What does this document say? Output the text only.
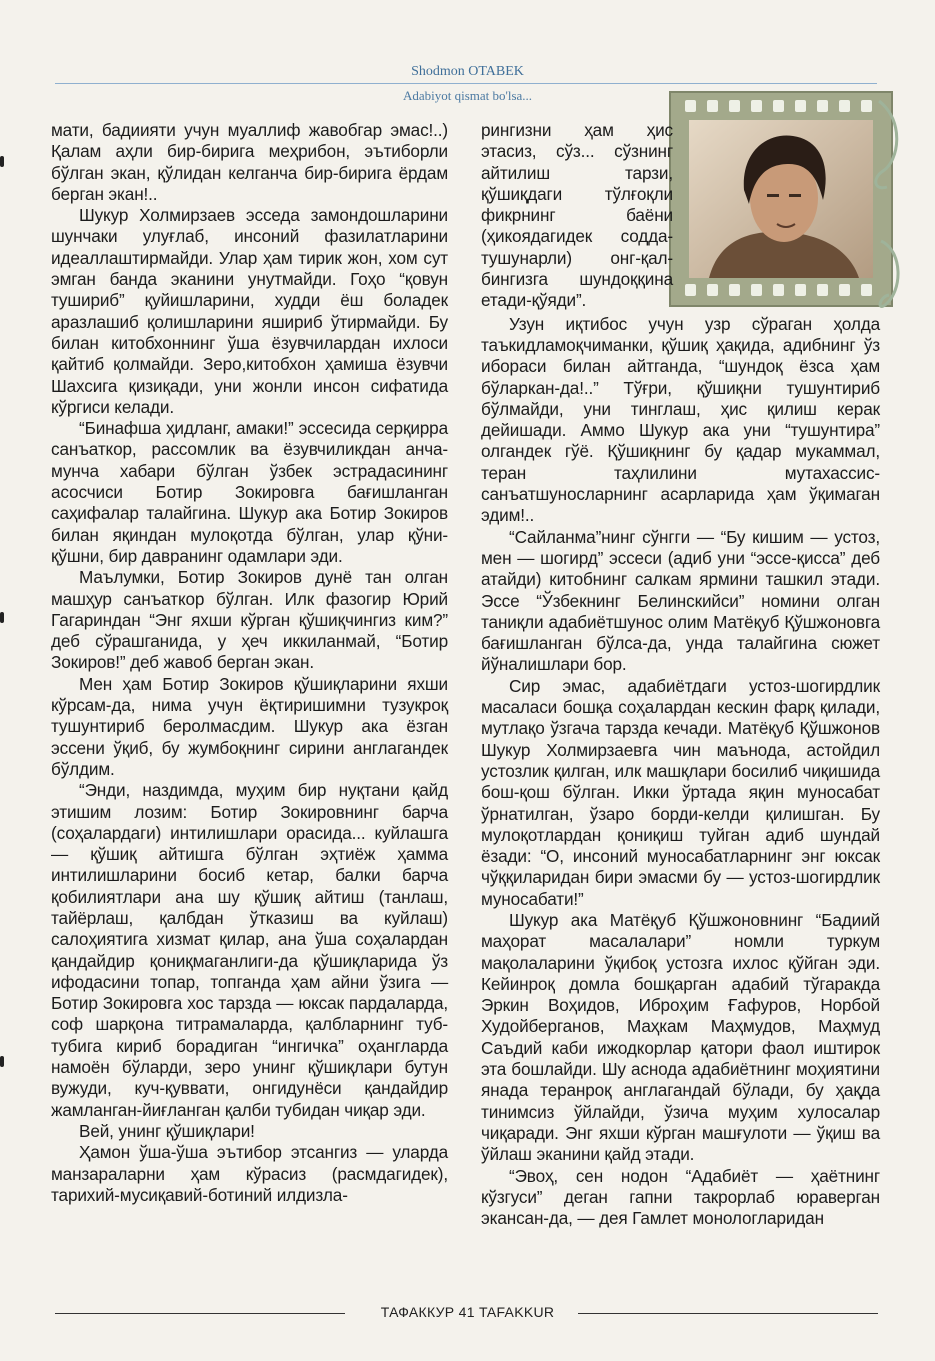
Shodmon OTABEK
Adabiyot qismat bo'lsa...

мати, бадиияти учун муаллиф жавобгар эмас!..) Қалам аҳли бир-бирига меҳрибон, эътиборли бўлган экан, қўлидан келганча бир-бирига ёрдам берган экан!..

Шукур Холмирзаев эсседа замондошларини шунчаки улуғлаб, инсоний фазилатларини идеаллаштирмайди. Улар ҳам тирик жон, хом сут эмган банда эканини унутмайди. Гоҳо “қовун тушириб” қуйишларини, худди ёш боладек аразлашиб қолишларини яшириб ўтирмайди. Бу билан китобхоннинг ўша ёзувчилардан ихлоси қайтиб қолмайди. Зеро,китобхон ҳамиша ёзувчи Шахсига қизиқади, уни жонли инсон сифатида кўргиси келади.

“Бинафша ҳидланг, амаки!” эссесида серқирра санъаткор, рассомлик ва ёзувчиликдан анча-мунча хабари бўлган ўзбек эстрадасининг асосчиси Ботир Зокировга бағишланган саҳифалар талайгина. Шукур ака Ботир Зокиров билан яқиндан мулоқотда бўлган, улар қўни-қўшни, бир давранинг одамлари эди.

Маълумки, Ботир Зокиров дунё тан олган машҳур санъаткор бўлган. Илк фазогир Юрий Гагариндан “Энг яхши кўрган қўшиқчингиз ким?” деб сўрашганида, у ҳеч иккиланмай, “Ботир Зокиров!” деб жавоб берган экан.

Мен ҳам Ботир Зокиров қўшиқларини яхши кўрсам-да, нима учун ёқтиришимни тузукроқ тушунтириб беролмасдим. Шукур ака ёзган эссени ўқиб, бу жумбоқнинг сирини англагандек бўлдим.

“Энди, наздимда, муҳим бир нуқтани қайд этишим лозим: Ботир Зокировнинг барча (соҳалардаги) интилишлари орасида... куйлашга — қўшиқ айтишга бўлган эҳтиёж ҳамма интилишларини босиб кетар, балки барча қобилиятлари ана шу қўшиқ айтиш (танлаш, тайёрлаш, қалбдан ўтказиш ва куйлаш) салоҳиятига хизмат қилар, ана ўша соҳалардан қандайдир қониқмаганлиги-да қўшиқларида ўз ифодасини топар, топганда ҳам айни ўзига — Ботир Зокировга хос тарзда — юксак пардаларда, соф шарқона титрамаларда, қалбларнинг туб-тубига кириб борадиган “ингичка” оҳангларда намоён бўларди, зеро унинг қўшиқлари бутун вужуди, куч-қуввати, онгидунёси қандайдир жамланган-йиғланган қалби тубидан чиқар эди.

Вей, унинг қўшиқлари!

Ҳамон ўша-ўша эътибор этсангиз — уларда манзараларни ҳам кўрасиз (расмдагидек), тарихий-мусиқавий-ботиний илдизла-

рингизни ҳам ҳис
этасиз, сўз... сўзнинг
айтилиш тарзи,
қўшиқдаги тўлғоқли
фикрнинг баёни
(ҳикоядагидек содда-
тушунарли) онг-қал-
бингизга шундоққина
етади-қўяди”.

Узун иқтибос учун узр сўраган ҳолда таъкидламоқчиманки, қўшиқ ҳақида, адибнинг ўз ибораси билан айтганда, “шундоқ ёзса ҳам бўларкан-да!..” Тўғри, қўшиқни тушунтириб бўлмайди, уни тинглаш, ҳис қилиш керак дейишади. Аммо Шукур ака уни “тушунтира” олгандек гўё. Қўшиқнинг бу қадар мукаммал, теран таҳлилини мутахассис-санъатшуносларнинг асарларида ҳам ўқимаган эдим!..

“Сайланма”нинг сўнгги — “Бу кишим — устоз, мен — шогирд” эссеси (адиб уни “эссе-қисса” деб атайди) китобнинг салкам ярмини ташкил этади. Эссе “Ўзбекнинг Белинскийси” номини олган таниқли адабиётшунос олим Матёқуб Қўшжоновга бағишланган бўлса-да, унда талайгина сюжет йўналишлари бор.

Сир эмас, адабиётдаги устоз-шогирдлик масаласи бошқа соҳалардан кескин фарқ қилади, мутлақо ўзгача тарзда кечади. Матёқуб Қўшжонов Шукур Холмирзаевга чин маънода, астойдил устозлик қилган, илк машқлари босилиб чиқишида бош-қош бўлган. Икки ўртада яқин муносабат ўрнатилган, ўзаро борди-келди қилишган. Бу мулоқотлардан қониқиш туйган адиб шундай ёзади: “О, инсоний муносабатларнинг энг юксак чўққиларидан бири эмасми бу — устоз-шогирдлик муносабати!”

Шукур ака Матёқуб Қўшжоновнинг “Бадиий маҳорат масалалари” номли туркум мақолаларини ўқибоқ устозга ихлос қўйган эди. Кейинроқ домла бошқарган адабий тўгаракда Эркин Воҳидов, Иброҳим Ғафуров, Норбой Худойберганов, Маҳкам Маҳмудов, Маҳмуд Саъдий каби ижодкорлар қатори фаол иштирок эта бошлайди. Шу аснода адабиётнинг моҳиятини янада теранроқ англагандай бўлади, бу ҳақда тинимсиз ўйлайди, ўзича муҳим хулосалар чиқаради. Энг яхши кўрган машғулоти — ўқиш ва ўйлаш эканини қайд этади.

“Эвоҳ, сен нодон “Адабиёт — ҳаётнинг кўзгуси” деган гапни такрорлаб юраверган экансан-да, — дея Гамлет монологларидан

ТАФАККУР 41 TAFAKKUR
